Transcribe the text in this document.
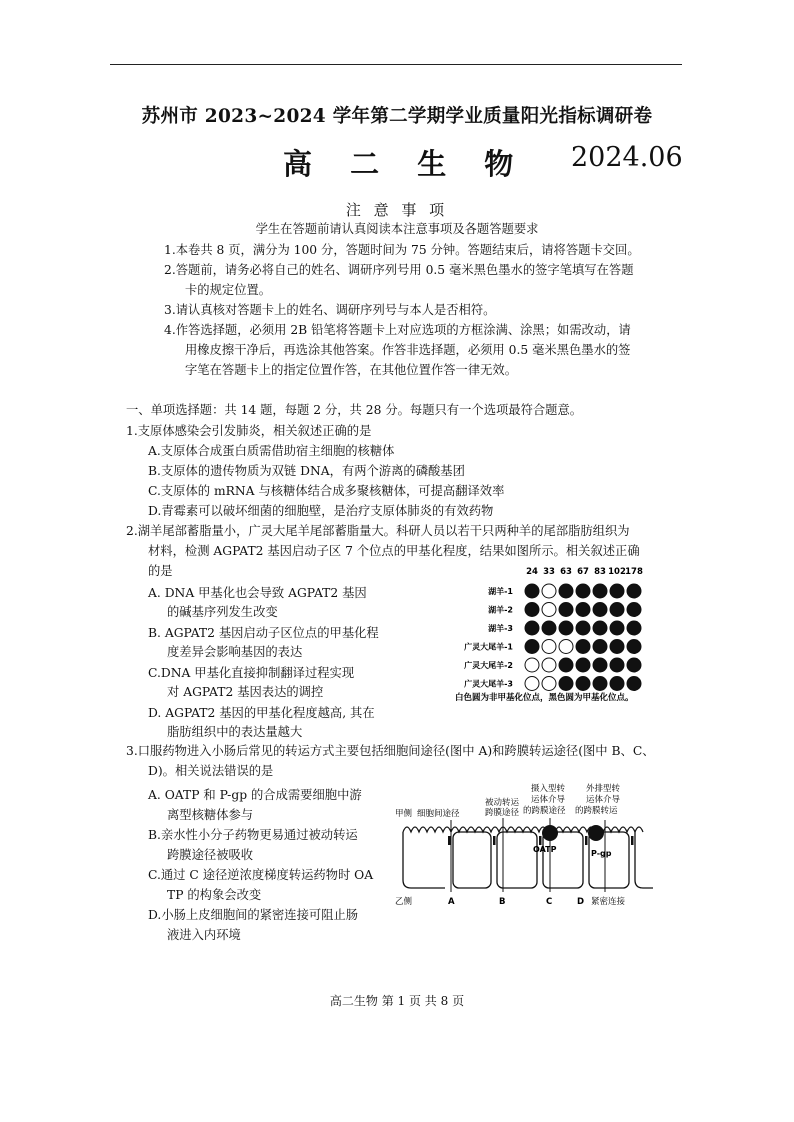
苏州市 2023~2024 学年第二学期学业质量阳光指标调研卷
高 二 生 物 2024.06
注 意 事 项
学生在答题前请认真阅读本注意事项及各题答题要求
1.本卷共 8 页，满分为 100 分，答题时间为 75 分钟。答题结束后，请将答题卡交回。
2.答题前，请务必将自己的姓名、调研序列号用 0.5 毫米黑色墨水的签字笔填写在答题
卡的规定位置。
3.请认真核对答题卡上的姓名、调研序列号与本人是否相符。
4.作答选择题，必须用 2B 铅笔将答题卡上对应选项的方框涂满、涂黑；如需改动，请
用橡皮擦干净后，再选涂其他答案。作答非选择题，必须用 0.5 毫米黑色墨水的签
字笔在答题卡上的指定位置作答，在其他位置作答一律无效。
一、单项选择题：共 14 题，每题 2 分，共 28 分。每题只有一个选项最符合题意。
1.支原体感染会引发肺炎，相关叙述正确的是
A.支原体合成蛋白质需借助宿主细胞的核糖体
B.支原体的遗传物质为双链 DNA，有两个游离的磷酸基团
C.支原体的 mRNA 与核糖体结合成多聚核糖体，可提高翻译效率
D.青霉素可以破坏细菌的细胞壁，是治疗支原体肺炎的有效药物
2.湖羊尾部蓄脂量小，广灵大尾羊尾部蓄脂量大。科研人员以若干只两种羊的尾部脂肪组织为
材料，检测 AGPAT2 基因启动子区 7 个位点的甲基化程度，结果如图所示。相关叙述正确
的是
A. DNA 甲基化也会导致 AGPAT2 基因
的碱基序列发生改变
B. AGPAT2 基因启动子区位点的甲基化程
度差异会影响基因的表达
C.DNA 甲基化直接抑制翻译过程实现
对 AGPAT2 基因表达的调控
D. AGPAT2 基因的甲基化程度越高, 其在
脂肪组织中的表达量越大
24 33 63 67 83 102 178
湖羊-1
湖羊-2
湖羊-3
广灵大尾羊-1
广灵大尾羊-2
广灵大尾羊-3
白色圆为非甲基化位点，黑色圆为甲基化位点。
3.口服药物进入小肠后常见的转运方式主要包括细胞间途径(图中 A)和跨膜转运途径(图中 B、C、
D)。相关说法错误的是
A. OATP 和 P-gp 的合成需要细胞中游
离型核糖体参与
B.亲水性小分子药物更易通过被动转运
跨膜途径被吸收
C.通过 C 途径逆浓度梯度转运药物时 OA
TP 的构象会改变
D.小肠上皮细胞间的紧密连接可阻止肠
液进入内环境
被动转运
跨膜途径
摄入型转
运体介导
的跨膜途径
外排型转
运体介导
的跨膜转运
甲侧 细胞间途径
OATP	P-gp
乙侧	A	B	C	D 紧密连接
高二生物 第 1 页 共 8 页
